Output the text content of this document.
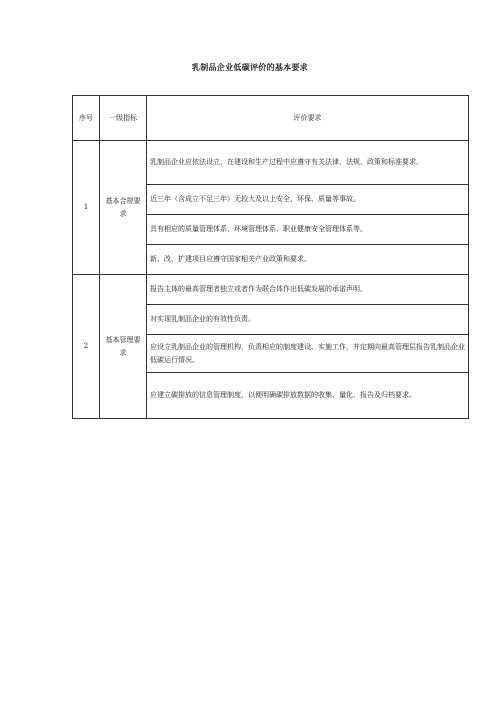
乳制品企业低碳评价的基本要求
序号	一级指标	评价要求
1	基本合规要求	乳制品企业应依法设立，在建设和生产过程中应遵守有关法律、法规、政策和标准要求。
		近三年（含成立不足三年）无较大及以上安全、环保、质量等事故。
		具有相应的质量管理体系、环境管理体系、职业健康安全管理体系等。
		新、改、扩建项目应遵守国家相关产业政策和要求。
2	基本管理要求	报告主体的最高管理者独立或者作为联合体作出低碳发展的承诺声明。
		对实现乳制品企业的有效性负责。
		应设立乳制品企业的管理机构，负责相应的制度建设、实施工作，并定期向最高管理层报告乳制品企业低碳运行情况。
		应建立碳排放的信息管理制度，以便明确碳排放数据的收集、量化、报告及归档要求。
